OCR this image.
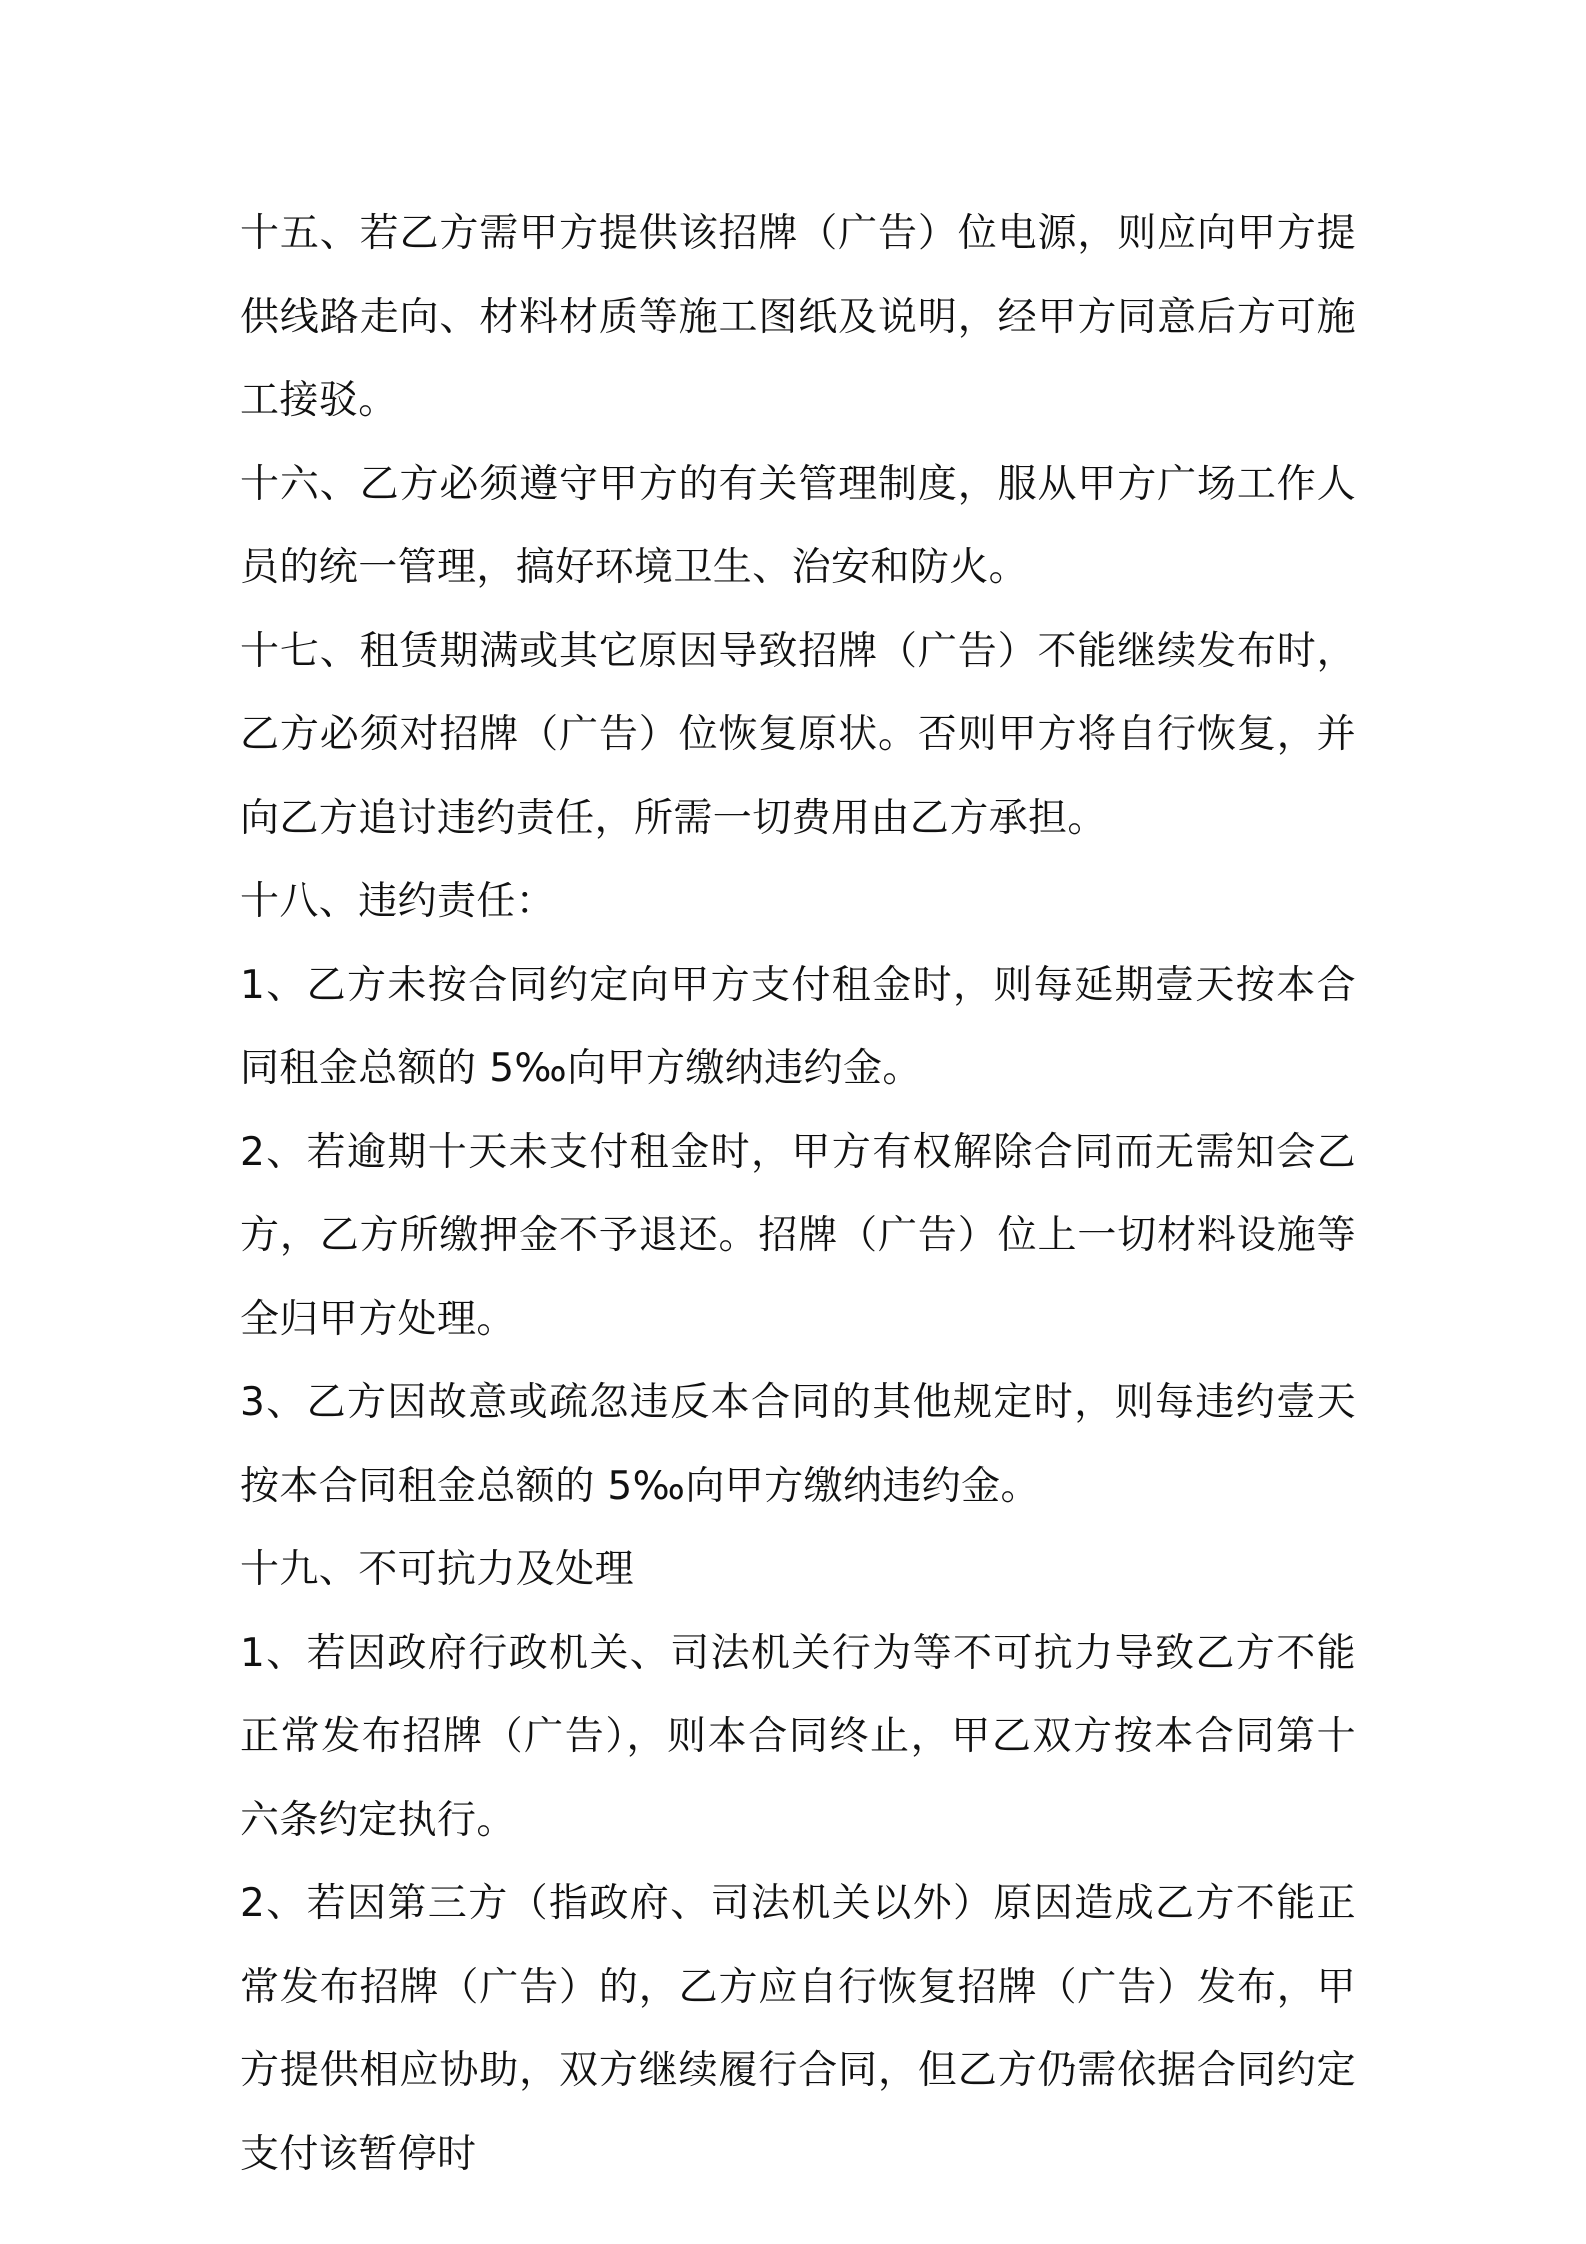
十五、若乙方需甲方提供该招牌（广告）位电源，则应向甲方提供线路走向、材料材质等施工图纸及说明，经甲方同意后方可施工接驳。

十六、乙方必须遵守甲方的有关管理制度，服从甲方广场工作人员的统一管理，搞好环境卫生、治安和防火。

十七、租赁期满或其它原因导致招牌（广告）不能继续发布时，乙方必须对招牌（广告）位恢复原状。否则甲方将自行恢复，并向乙方追讨违约责任，所需一切费用由乙方承担。

十八、违约责任：

1、乙方未按合同约定向甲方支付租金时，则每延期壹天按本合同租金总额的 5‰向甲方缴纳违约金。

2、若逾期十天未支付租金时，甲方有权解除合同而无需知会乙方，乙方所缴押金不予退还。招牌（广告）位上一切材料设施等全归甲方处理。

3、乙方因故意或疏忽违反本合同的其他规定时，则每违约壹天按本合同租金总额的 5‰向甲方缴纳违约金。

十九、不可抗力及处理

1、若因政府行政机关、司法机关行为等不可抗力导致乙方不能正常发布招牌（广告），则本合同终止，甲乙双方按本合同第十六条约定执行。

2、若因第三方（指政府、司法机关以外）原因造成乙方不能正常发布招牌（广告）的，乙方应自行恢复招牌（广告）发布，甲方提供相应协助，双方继续履行合同，但乙方仍需依据合同约定支付该暂停时
